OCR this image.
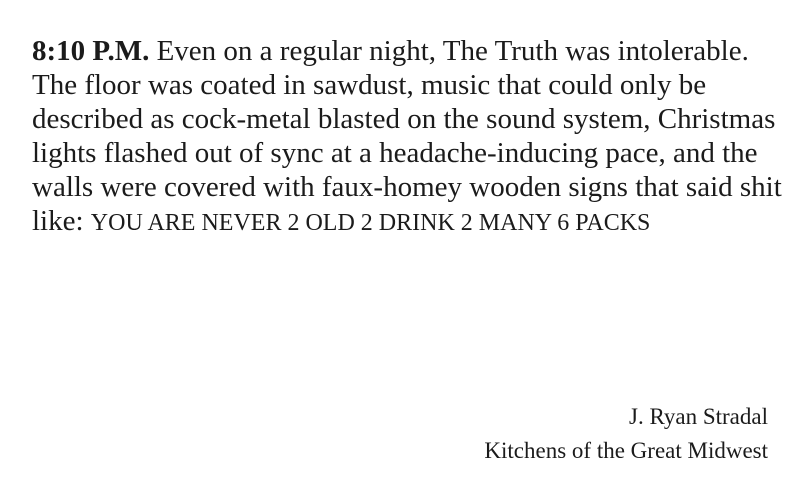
8:10 P.M. Even on a regular night, The Truth was intolerable. The floor was coated in sawdust, music that could only be described as cock-metal blasted on the sound system, Christmas lights flashed out of sync at a headache-inducing pace, and the walls were covered with faux-homey wooden signs that said shit like: YOU ARE NEVER 2 OLD 2 DRINK 2 MANY 6 PACKS

J. Ryan Stradal
Kitchens of the Great Midwest
